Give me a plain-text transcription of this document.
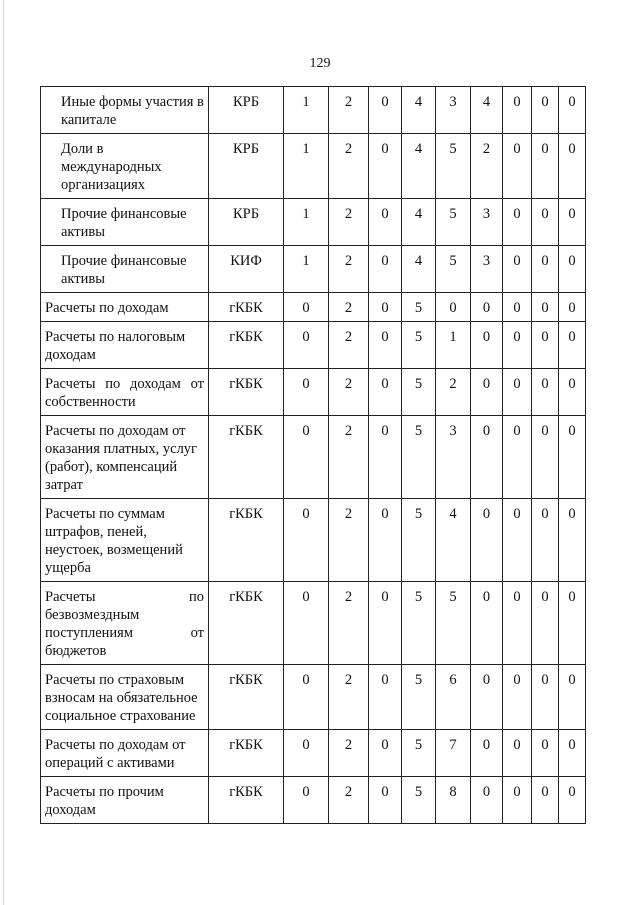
129
Иные формы участия в капитале	КРБ	1	2	0	4	3	4	0	0	0
Доли в международных организациях	КРБ	1	2	0	4	5	2	0	0	0
Прочие финансовые активы	КРБ	1	2	0	4	5	3	0	0	0
Прочие финансовые активы	КИФ	1	2	0	4	5	3	0	0	0
Расчеты по доходам	гКБК	0	2	0	5	0	0	0	0	0
Расчеты по налоговым доходам	гКБК	0	2	0	5	1	0	0	0	0
Расчеты по доходам от собственности	гКБК	0	2	0	5	2	0	0	0	0
Расчеты по доходам от оказания платных, услуг (работ), компенсаций затрат	гКБК	0	2	0	5	3	0	0	0	0
Расчеты по суммам штрафов, пеней, неустоек, возмещений ущерба	гКБК	0	2	0	5	4	0	0	0	0
Расчеты по безвозмездным поступлениям от бюджетов	гКБК	0	2	0	5	5	0	0	0	0
Расчеты по страховым взносам на обязательное социальное страхование	гКБК	0	2	0	5	6	0	0	0	0
Расчеты по доходам от операций с активами	гКБК	0	2	0	5	7	0	0	0	0
Расчеты по прочим доходам	гКБК	0	2	0	5	8	0	0	0	0
